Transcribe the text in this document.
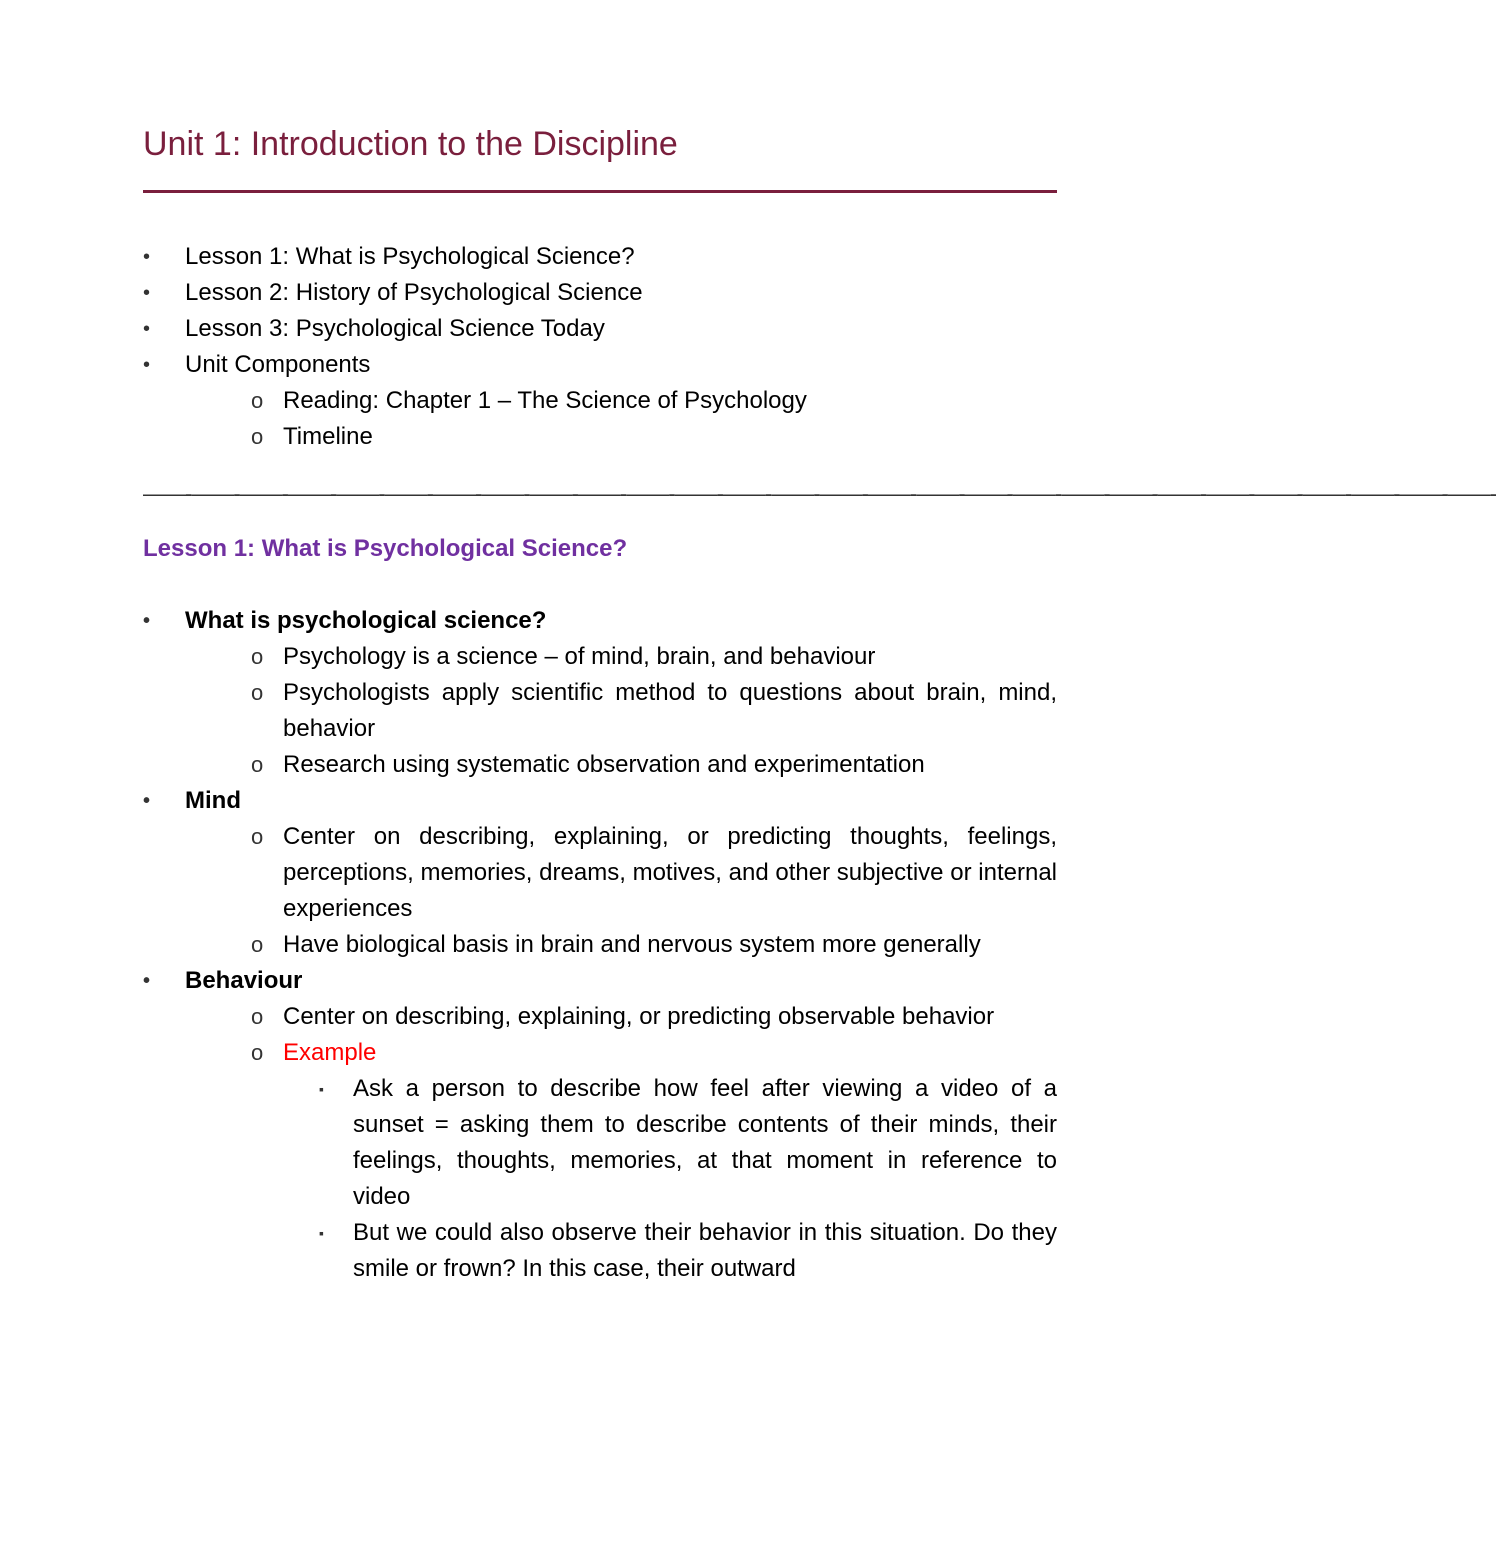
Unit 1: Introduction to the Discipline
•	Lesson 1: What is Psychological Science?
•	Lesson 2: History of Psychological Science
•	Lesson 3: Psychological Science Today
•	Unit Components
o Reading: Chapter 1 – The Science of Psychology
o Timeline
——-——-——-——-——-——-——-——-——-——-——-——-——-——-——-——-——-——-——-——-——-——-——-——-——-——-——-——-
Lesson 1: What is Psychological Science?
•	What is psychological science?
o Psychology is a science – of mind, brain, and behaviour
o Psychologists apply scientific method to questions about brain, mind, behavior
o Research using systematic observation and experimentation
•	Mind
o Center on describing, explaining, or predicting thoughts, feelings, perceptions, memories, dreams, motives, and other subjective or internal experiences
o Have biological basis in brain and nervous system more generally
•	Behaviour
o Center on describing, explaining, or predicting observable behavior
o Example
▪ Ask a person to describe how feel after viewing a video of a sunset = asking them to describe contents of their minds, their feelings, thoughts, memories, at that moment in reference to video
▪ But we could also observe their behavior in this situation. Do they smile or frown? In this case, their outward
